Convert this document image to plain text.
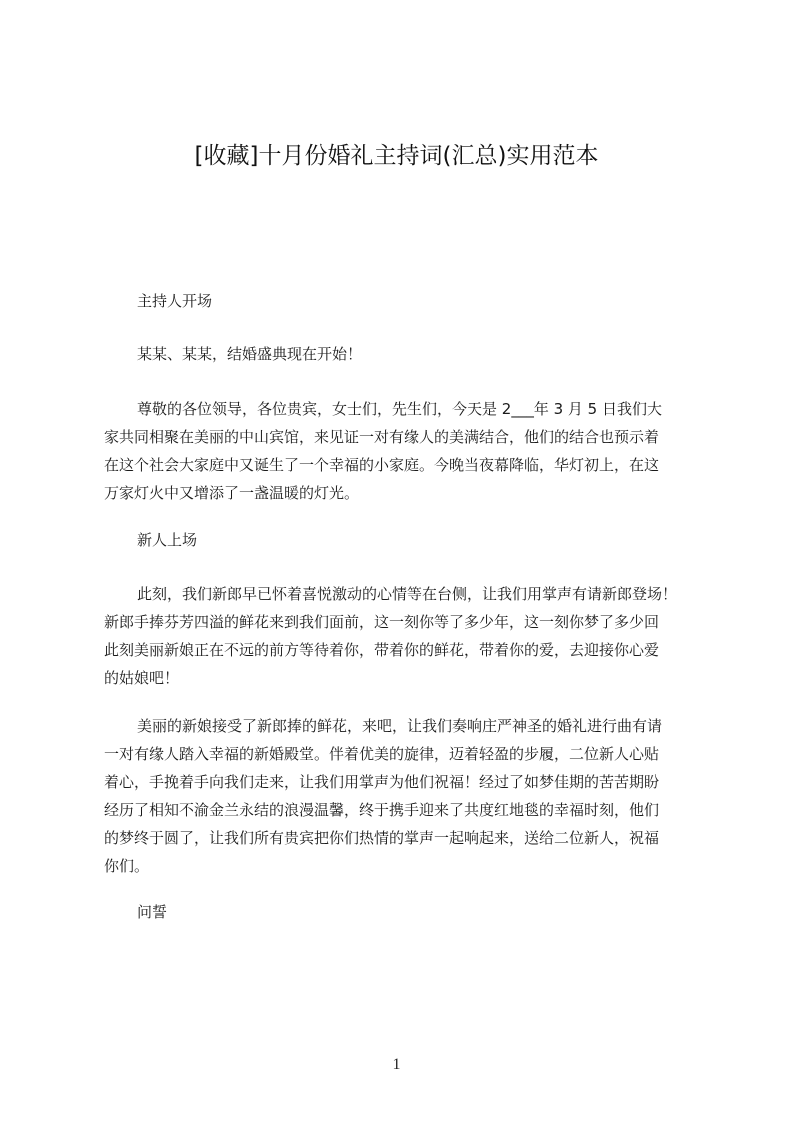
[收藏]十月份婚礼主持词(汇总)实用范本
主持人开场
某某、某某，结婚盛典现在开始！
尊敬的各位领导，各位贵宾，女士们，先生们，今天是 2___年 3 月 5 日我们大
家共同相聚在美丽的中山宾馆，来见证一对有缘人的美满结合，他们的结合也预示着
在这个社会大家庭中又诞生了一个幸福的小家庭。今晚当夜幕降临，华灯初上，在这
万家灯火中又增添了一盏温暖的灯光。
新人上场
此刻，我们新郎早已怀着喜悦激动的心情等在台侧，让我们用掌声有请新郎登场！
新郎手捧芬芳四溢的鲜花来到我们面前，这一刻你等了多少年，这一刻你梦了多少回
此刻美丽新娘正在不远的前方等待着你，带着你的鲜花，带着你的爱，去迎接你心爱
的姑娘吧！
美丽的新娘接受了新郎捧的鲜花，来吧，让我们奏响庄严神圣的婚礼进行曲有请
一对有缘人踏入幸福的新婚殿堂。伴着优美的旋律，迈着轻盈的步履，二位新人心贴
着心，手挽着手向我们走来，让我们用掌声为他们祝福！经过了如梦佳期的苦苦期盼
经历了相知不渝金兰永结的浪漫温馨，终于携手迎来了共度红地毯的幸福时刻，他们
的梦终于圆了，让我们所有贵宾把你们热情的掌声一起响起来，送给二位新人，祝福
你们。
问誓
1
